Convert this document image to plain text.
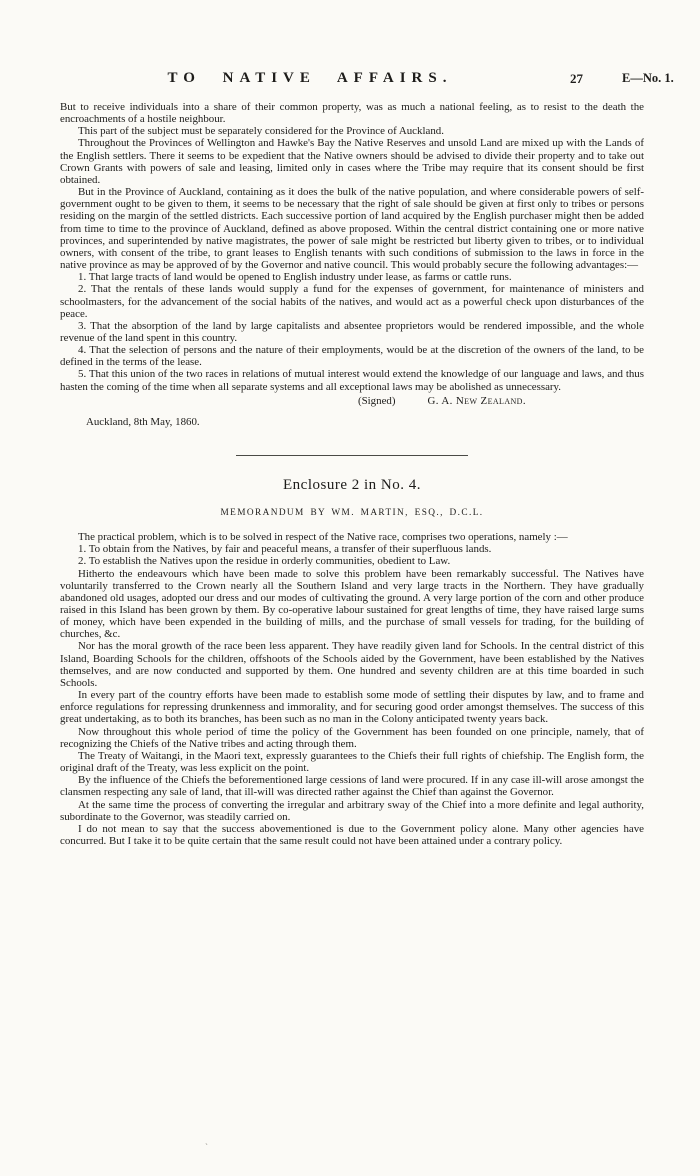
TO NATIVE AFFAIRS.	27	E—No. 1.

But to receive individuals into a share of their common property, was as much a national feeling, as to resist to the death the encroachments of a hostile neighbour.

This part of the subject must be separately considered for the Province of Auckland.

Throughout the Provinces of Wellington and Hawke's Bay the Native Reserves and unsold Land are mixed up with the Lands of the English settlers. There it seems to be expedient that the Native owners should be advised to divide their property and to take out Crown Grants with powers of sale and leasing, limited only in cases where the Tribe may require that its consent should be first obtained.

But in the Province of Auckland, containing as it does the bulk of the native population, and where considerable powers of self-government ought to be given to them, it seems to be necessary that the right of sale should be given at first only to tribes or persons residing on the margin of the settled districts. Each successive portion of land acquired by the English purchaser might then be added from time to time to the province of Auckland, defined as above proposed. Within the central district containing one or more native provinces, and superintended by native magistrates, the power of sale might be restricted but liberty given to tribes, or to individual owners, with consent of the tribe, to grant leases to English tenants with such conditions of submission to the laws in force in the native province as may be approved of by the Governor and native council. This would probably secure the following advantages:—

1. That large tracts of land would be opened to English industry under lease, as farms or cattle runs.

2. That the rentals of these lands would supply a fund for the expenses of government, for maintenance of ministers and schoolmasters, for the advancement of the social habits of the natives, and would act as a powerful check upon disturbances of the peace.

3. That the absorption of the land by large capitalists and absentee proprietors would be rendered impossible, and the whole revenue of the land spent in this country.

4. That the selection of persons and the nature of their employments, would be at the discretion of the owners of the land, to be defined in the terms of the lease.

5. That this union of the two races in relations of mutual interest would extend the knowledge of our language and laws, and thus hasten the coming of the time when all separate systems and all exceptional laws may be abolished as unnecessary.

(Signed)	G. A. New Zealand.

Auckland, 8th May, 1860.

Enclosure 2 in No. 4.
MEMORANDUM BY WM. MARTIN, ESQ., D.C.L.

The practical problem, which is to be solved in respect of the Native race, comprises two operations, namely :—

1. To obtain from the Natives, by fair and peaceful means, a transfer of their superfluous lands.

2. To establish the Natives upon the residue in orderly communities, obedient to Law.

Hitherto the endeavours which have been made to solve this problem have been remarkably successful. The Natives have voluntarily transferred to the Crown nearly all the Southern Island and very large tracts in the Northern. They have gradually abandoned old usages, adopted our dress and our modes of cultivating the ground. A very large portion of the corn and other produce raised in this Island has been grown by them. By co-operative labour sustained for great lengths of time, they have raised large sums of money, which have been expended in the building of mills, and the purchase of small vessels for trading, for the building of churches, &c.

Nor has the moral growth of the race been less apparent. They have readily given land for Schools. In the central district of this Island, Boarding Schools for the children, offshoots of the Schools aided by the Government, have been established by the Natives themselves, and are now conducted and supported by them. One hundred and seventy children are at this time boarded in such Schools.

In every part of the country efforts have been made to establish some mode of settling their disputes by law, and to frame and enforce regulations for repressing drunkenness and immorality, and for securing good order amongst themselves. The success of this great undertaking, as to both its branches, has been such as no man in the Colony anticipated twenty years back.

Now throughout this whole period of time the policy of the Government has been founded on one principle, namely, that of recognizing the Chiefs of the Native tribes and acting through them.

The Treaty of Waitangi, in the Maori text, expressly guarantees to the Chiefs their full rights of chiefship. The English form, the original draft of the Treaty, was less explicit on the point.

By the influence of the Chiefs the beforementioned large cessions of land were procured. If in any case ill-will arose amongst the clansmen respecting any sale of land, that ill-will was directed rather against the Chief than against the Governor.

At the same time the process of converting the irregular and arbitrary sway of the Chief into a more definite and legal authority, subordinate to the Governor, was steadily carried on.

I do not mean to say that the success abovementioned is due to the Government policy alone. Many other agencies have concurred. But I take it to be quite certain that the same result could not have been attained under a contrary policy.

`
